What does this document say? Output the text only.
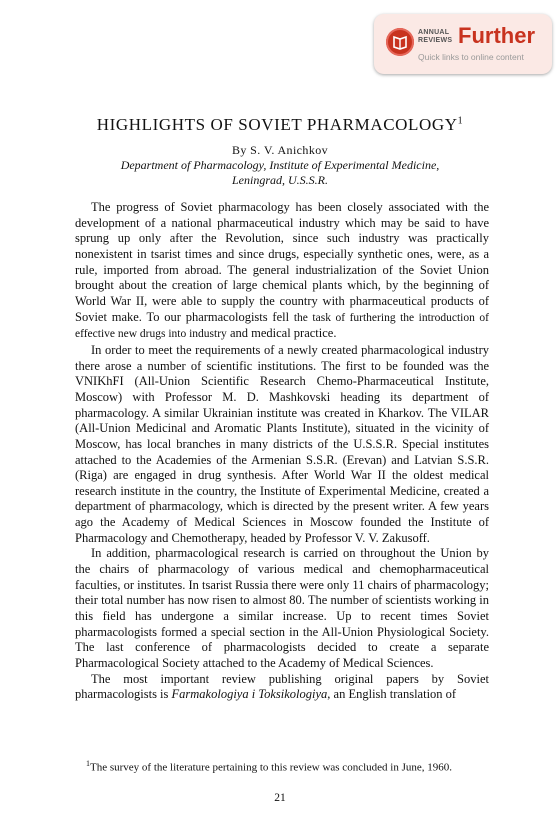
ANNUAL
REVIEWS Further
Quick links to online content
HIGHLIGHTS OF SOVIET PHARMACOLOGY$^1$
By S. V. Anichkov
Department of Pharmacology, Institute of Experimental Medicine,
Leningrad, U.S.S.R.

The progress of Soviet pharmacology has been closely associated with the development of a national pharmaceutical industry which may be said to have sprung up only after the Revolution, since such industry was practically nonexistent in tsarist times and since drugs, especially synthetic ones, were, as a rule, imported from abroad. The general industrialization of the Soviet Union brought about the creation of large chemical plants which, by the beginning of World War II, were able to supply the country with pharmaceutical products of Soviet make. To our pharmacologists fell the task of furthering the introduction of effective new drugs into industry and medical practice.

In order to meet the requirements of a newly created pharmacological industry there arose a number of scientific institutions. The first to be founded was the VNIKhFI (All-Union Scientific Research Chemo-Pharmaceutical Institute, Moscow) with Professor M. D. Mashkovski heading its department of pharmacology. A similar Ukrainian institute was created in Kharkov. The VILAR (All-Union Medicinal and Aromatic Plants Institute), situated in the vicinity of Moscow, has local branches in many districts of the U.S.S.R. Special institutes attached to the Academies of the Armenian S.S.R. (Erevan) and Latvian S.S.R. (Riga) are engaged in drug synthesis. After World War II the oldest medical research institute in the country, the Institute of Experimental Medicine, created a department of pharmacology, which is directed by the present writer. A few years ago the Academy of Medical Sciences in Moscow founded the Institute of Pharmacology and Chemotherapy, headed by Professor V. V. Zakusoff.

In addition, pharmacological research is carried on throughout the Union by the chairs of pharmacology of various medical and chemopharmaceutical faculties, or institutes. In tsarist Russia there were only 11 chairs of pharmacology; their total number has now risen to almost 80. The number of scientists working in this field has undergone a similar increase. Up to recent times Soviet pharmacologists formed a special section in the All-Union Physiological Society. The last conference of pharmacologists decided to create a separate Pharmacological Society attached to the Academy of Medical Sciences.

The most important review publishing original papers by Soviet pharmacologists is Farmakologiya i Toksikologiya, an English translation of

$^1$The survey of the literature pertaining to this review was concluded in June, 1960.

21
